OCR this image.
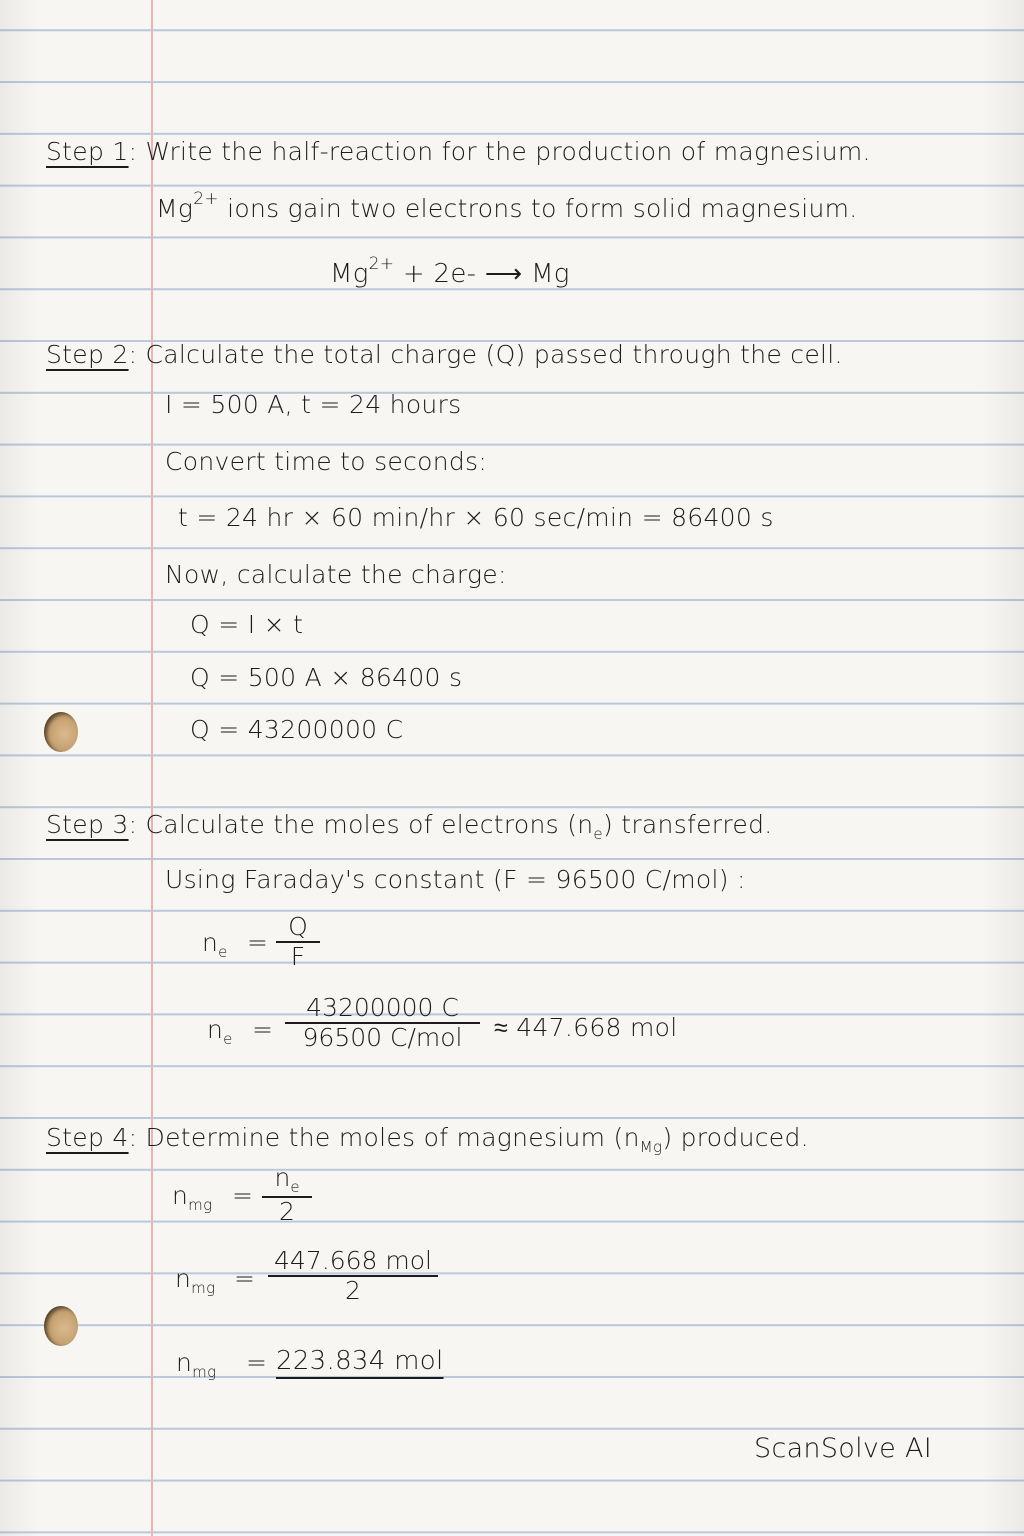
Step 1: Write the half-reaction for the production of magnesium.
$Mg^{2+}$ ions gain two electrons to form solid magnesium.
$Mg^{2+} + 2e-$ ⟶ Mg
Step 2: Calculate the total charge (Q) passed through the cell.
I = 500 A, t = 24 hours
Convert time to seconds:
t = 24 hr × 60 min/hr × 60 sec/min = 86400 s
Now, calculate the charge:
Q = I × t
Q = 500 A × 86400 s
Q = 43200000 C
Step 3: Calculate the moles of electrons $(n_e)$ transferred.
Using Faraday's constant (F = 96500 C/mol) :
$n_e$ =
Q
F
$n_e$ =
43200000 C
96500 C/mol	≈ 447.668 mol
Step 4: Determine the moles of magnesium $(n_{Mg})$ produced.
$n_{mg}$ =
$n_e$
2
$n_{mg}$ =
447.668 mol
2
$n_{mg} = 223.834$ mol
ScanSolve AI
